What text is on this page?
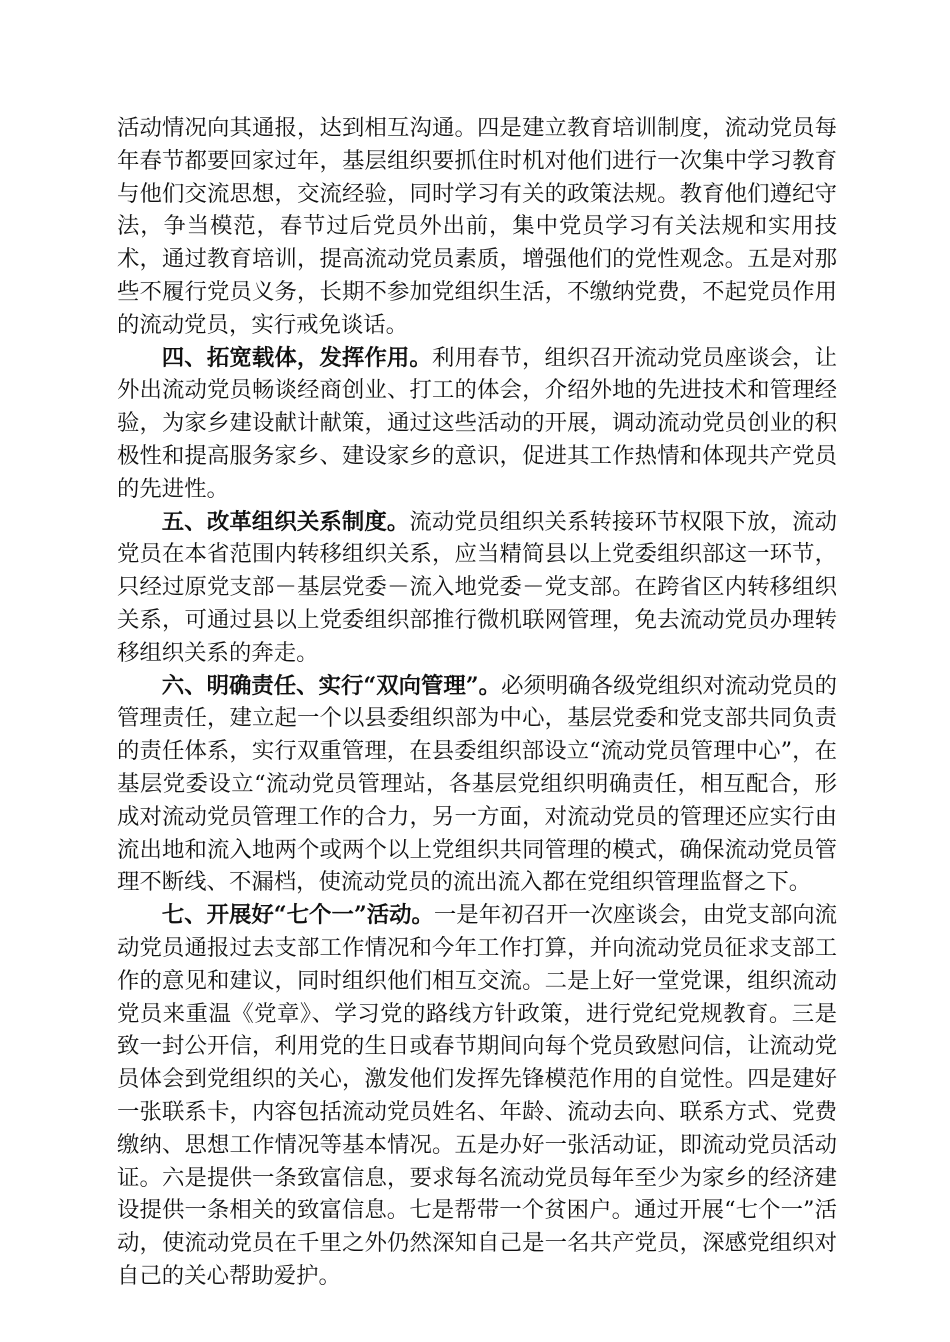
活动情况向其通报，达到相互沟通。四是建立教育培训制度，流动党员每年春节都要回家过年，基层组织要抓住时机对他们进行一次集中学习教育与他们交流思想，交流经验，同时学习有关的政策法规。教育他们遵纪守法，争当模范，春节过后党员外出前，集中党员学习有关法规和实用技术，通过教育培训，提高流动党员素质，增强他们的党性观念。五是对那些不履行党员义务，长期不参加党组织生活，不缴纳党费，不起党员作用的流动党员，实行戒免谈话。

四、拓宽载体，发挥作用。利用春节，组织召开流动党员座谈会，让外出流动党员畅谈经商创业、打工的体会，介绍外地的先进技术和管理经验，为家乡建设献计献策，通过这些活动的开展，调动流动党员创业的积极性和提高服务家乡、建设家乡的意识，促进其工作热情和体现共产党员的先进性。

五、改革组织关系制度。流动党员组织关系转接环节权限下放，流动党员在本省范围内转移组织关系，应当精简县以上党委组织部这一环节，只经过原党支部－基层党委－流入地党委－党支部。在跨省区内转移组织关系，可通过县以上党委组织部推行微机联网管理，免去流动党员办理转移组织关系的奔走。

六、明确责任、实行“双向管理”。必须明确各级党组织对流动党员的管理责任，建立起一个以县委组织部为中心，基层党委和党支部共同负责的责任体系，实行双重管理，在县委组织部设立“流动党员管理中心”，在基层党委设立“流动党员管理站，各基层党组织明确责任，相互配合，形成对流动党员管理工作的合力，另一方面，对流动党员的管理还应实行由流出地和流入地两个或两个以上党组织共同管理的模式，确保流动党员管理不断线、不漏档，使流动党员的流出流入都在党组织管理监督之下。

七、开展好“七个一”活动。一是年初召开一次座谈会，由党支部向流动党员通报过去支部工作情况和今年工作打算，并向流动党员征求支部工作的意见和建议，同时组织他们相互交流。二是上好一堂党课，组织流动党员来重温《党章》、学习党的路线方针政策，进行党纪党规教育。三是致一封公开信，利用党的生日或春节期间向每个党员致慰问信，让流动党员体会到党组织的关心，激发他们发挥先锋模范作用的自觉性。四是建好一张联系卡，内容包括流动党员姓名、年龄、流动去向、联系方式、党费缴纳、思想工作情况等基本情况。五是办好一张活动证，即流动党员活动证。六是提供一条致富信息，要求每名流动党员每年至少为家乡的经济建设提供一条相关的致富信息。七是帮带一个贫困户。通过开展“七个一”活动，使流动党员在千里之外仍然深知自己是一名共产党员，深感党组织对自己的关心帮助爱护。
